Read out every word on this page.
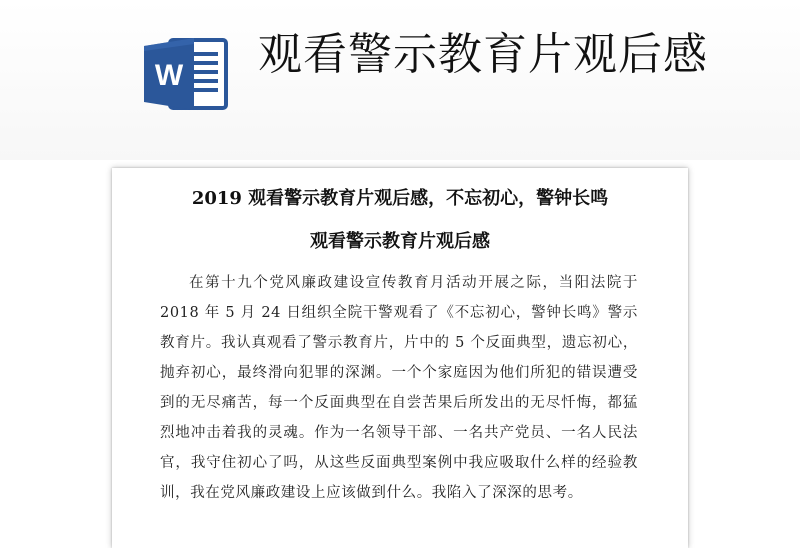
W 观看警示教育片观后感

2019 观看警示教育片观后感，不忘初心，警钟长鸣

观看警示教育片观后感

在第十九个党风廉政建设宣传教育月活动开展之际，当阳法院于2018 年 5 月 24 日组织全院干警观看了《不忘初心，警钟长鸣》警示教育片。我认真观看了警示教育片，片中的 5 个反面典型，遗忘初心，抛弃初心，最终滑向犯罪的深渊。一个个家庭因为他们所犯的错误遭受到的无尽痛苦，每一个反面典型在自尝苦果后所发出的无尽忏悔，都猛烈地冲击着我的灵魂。作为一名领导干部、一名共产党员、一名人民法官，我守住初心了吗，从这些反面典型案例中我应吸取什么样的经验教训，我在党风廉政建设上应该做到什么。我陷入了深深的思考。
